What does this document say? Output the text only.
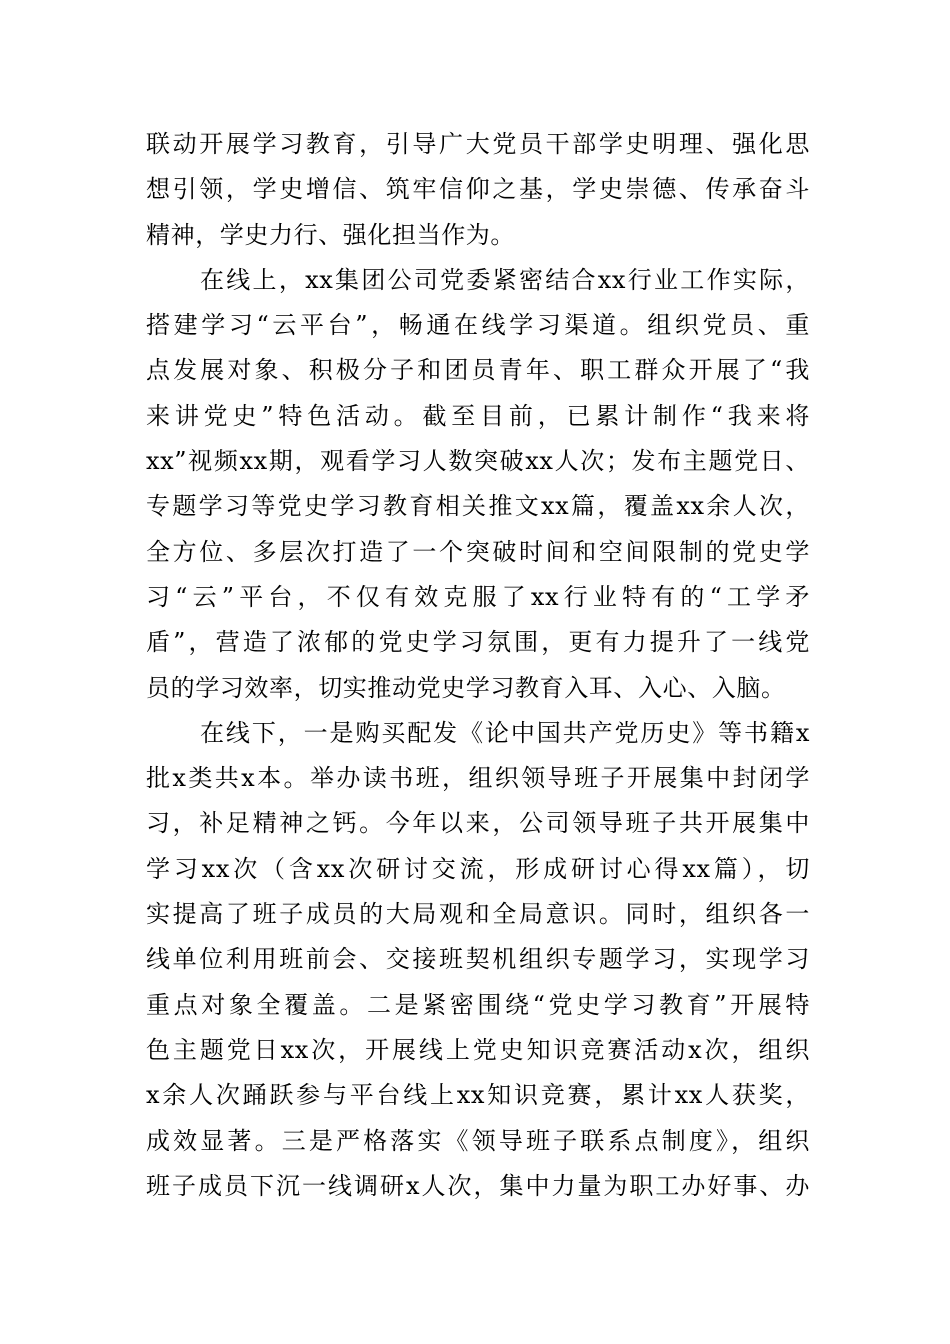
联动开展学习教育，引导广大党员干部学史明理、强化思
想引领，学史增信、筑牢信仰之基，学史崇德、传承奋斗
精神，学史力行、强化担当作为。
在线上，xx集团公司党委紧密结合xx行业工作实际，
搭建学习“云平台”，畅通在线学习渠道。组织党员、重
点发展对象、积极分子和团员青年、职工群众开展了“我
来讲党史”特色活动。截至目前，已累计制作“我来将
xx”视频xx期，观看学习人数突破xx人次；发布主题党日、
专题学习等党史学习教育相关推文xx篇，覆盖xx余人次，
全方位、多层次打造了一个突破时间和空间限制的党史学
习“云”平台，不仅有效克服了xx行业特有的“工学矛
盾”，营造了浓郁的党史学习氛围，更有力提升了一线党
员的学习效率，切实推动党史学习教育入耳、入心、入脑。
在线下，一是购买配发《论中国共产党历史》等书籍x
批x类共x本。举办读书班，组织领导班子开展集中封闭学
习，补足精神之钙。今年以来，公司领导班子共开展集中
学习xx次（含xx次研讨交流，形成研讨心得xx篇），切
实提高了班子成员的大局观和全局意识。同时，组织各一
线单位利用班前会、交接班契机组织专题学习，实现学习
重点对象全覆盖。二是紧密围绕“党史学习教育”开展特
色主题党日xx次，开展线上党史知识竞赛活动x次，组织
x余人次踊跃参与平台线上xx知识竞赛，累计xx人获奖，
成效显著。三是严格落实《领导班子联系点制度》，组织
班子成员下沉一线调研x人次，集中力量为职工办好事、办
